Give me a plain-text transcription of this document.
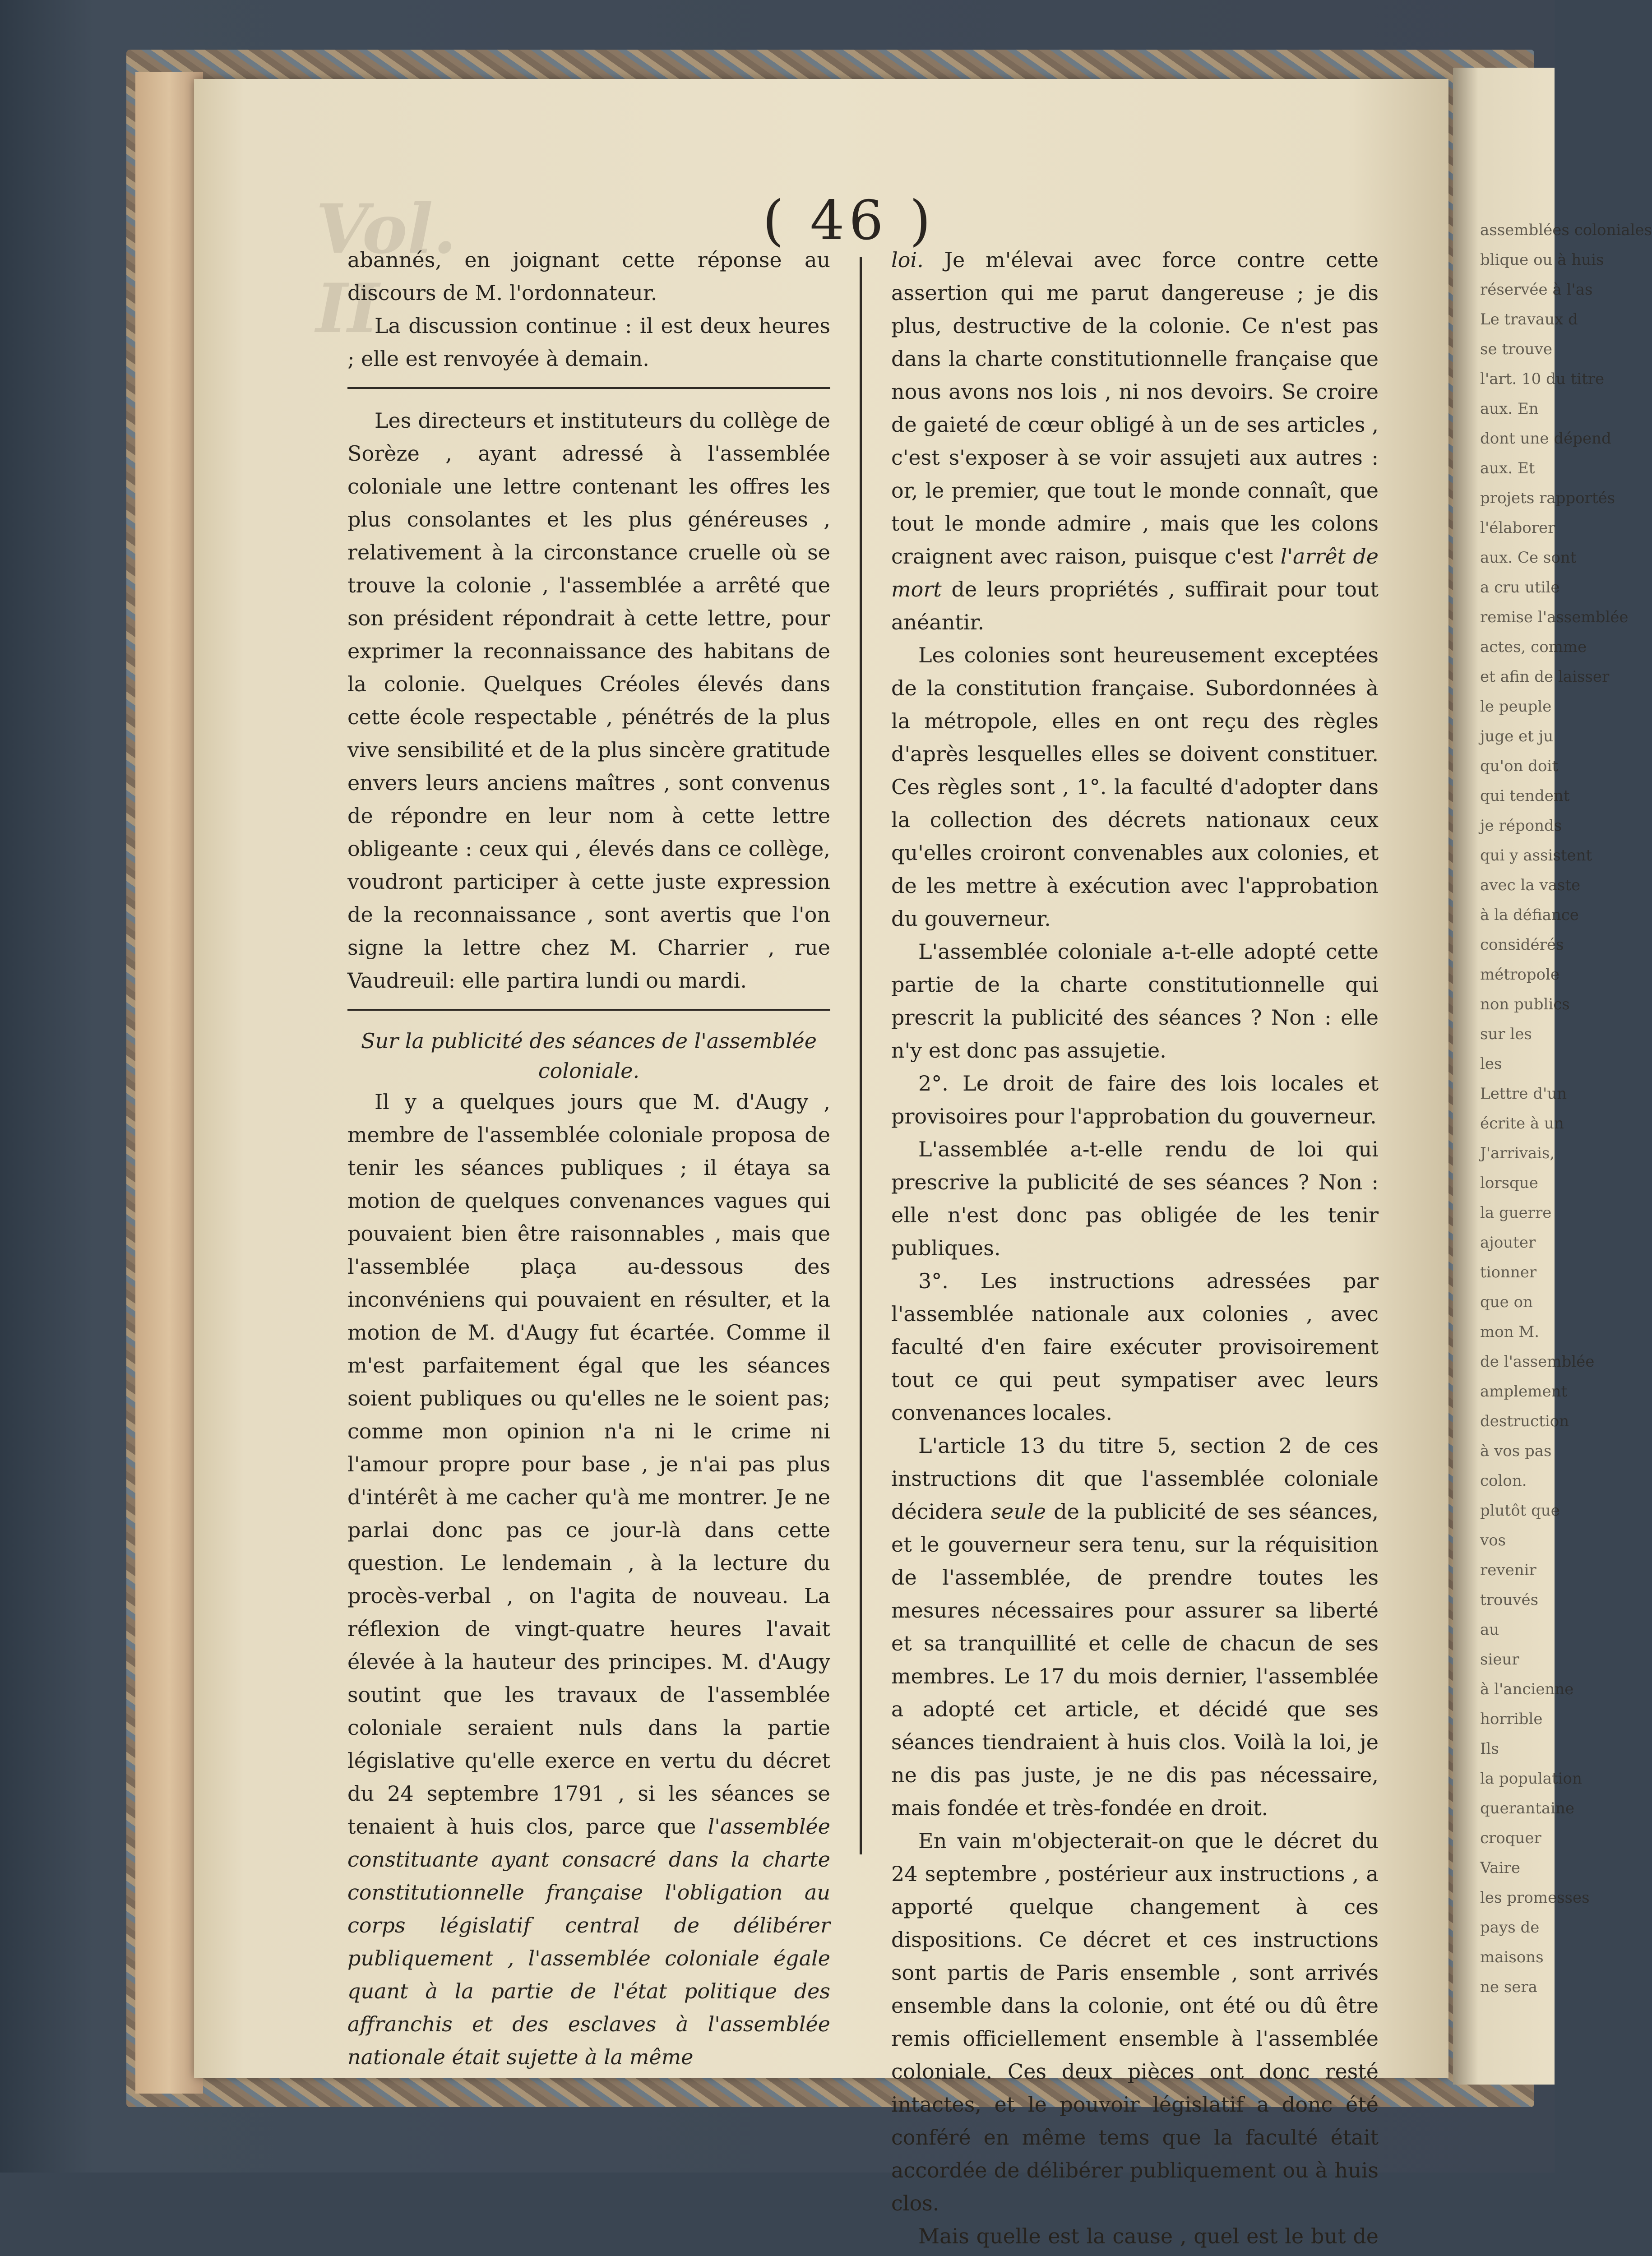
assemblées coloniales
blique ou à huis
réservée à l'as
Le travaux d
se trouve
l'art. 10 du titre
aux. En
dont une dépend
aux. Et
projets rapportés
l'élaborer
aux. Ce sont
a cru utile
remise l'assemblée
actes, comme
et afin de laisser
le peuple
juge et ju
qu'on doit
qui tendent
je réponds
qui y assistent
avec la vaste
à la défiance
considérés
métropole
non publics
sur les
les
Lettre d'un
écrite à un
J'arrivais,
lorsque
la guerre
ajouter
tionner
que on
mon M.
de l'assemblée
amplement
destruction
à vos pas
colon.
plutôt que
vos
revenir
trouvés
au
sieur
à l'ancienne
horrible
Ils
la population
querantaine
croquer
Vaire
les promesses
pays de
maisons
ne sera
Vol. II
( 46 )

abannés, en joignant cette réponse au discours de M. l'ordonnateur.

La discussion continue : il est deux heures ; elle est renvoyée à demain.

Les directeurs et instituteurs du collège de Sorèze , ayant adressé à l'assemblée coloniale une lettre contenant les offres les plus consolantes et les plus généreuses , relativement à la circonstance cruelle où se trouve la colonie , l'assemblée a arrêté que son président répondrait à cette lettre, pour exprimer la reconnaissance des habitans de la colonie. Quelques Créoles élevés dans cette école respectable , pénétrés de la plus vive sensibilité et de la plus sincère gratitude envers leurs anciens maîtres , sont convenus de répondre en leur nom à cette lettre obligeante : ceux qui , élevés dans ce collège, voudront participer à cette juste expression de la reconnaissance , sont avertis que l'on signe la lettre chez M. Charrier , rue Vaudreuil: elle partira lundi ou mardi.

Sur la publicité des séances de l'assemblée coloniale.

Il y a quelques jours que M. d'Augy , membre de l'assemblée coloniale proposa de tenir les séances publiques ; il étaya sa motion de quelques convenances vagues qui pouvaient bien être raisonnables , mais que l'assemblée plaça au-dessous des inconvéniens qui pouvaient en résulter, et la motion de M. d'Augy fut écartée. Comme il m'est parfaitement égal que les séances soient publiques ou qu'elles ne le soient pas; comme mon opinion n'a ni le crime ni l'amour propre pour base , je n'ai pas plus d'intérêt à me cacher qu'à me montrer. Je ne parlai donc pas ce jour-là dans cette question. Le lendemain , à la lecture du procès-verbal , on l'agita de nouveau. La réflexion de vingt-quatre heures l'avait élevée à la hauteur des principes. M. d'Augy soutint que les travaux de l'assemblée coloniale seraient nuls dans la partie législative qu'elle exerce en vertu du décret du 24 septembre 1791 , si les séances se tenaient à huis clos, parce que l'assemblée constituante ayant consacré dans la charte constitutionnelle française l'obligation au corps législatif central de délibérer publiquement , l'assemblée coloniale égale quant à la partie de l'état politique des affranchis et des esclaves à l'assemblée nationale était sujette à la même

loi. Je m'élevai avec force contre cette assertion qui me parut dangereuse ; je dis plus, destructive de la colonie. Ce n'est pas dans la charte constitutionnelle française que nous avons nos lois , ni nos devoirs. Se croire de gaieté de cœur obligé à un de ses articles , c'est s'exposer à se voir assujeti aux autres : or, le premier, que tout le monde connaît, que tout le monde admire , mais que les colons craignent avec raison, puisque c'est l'arrêt de mort de leurs propriétés , suffirait pour tout anéantir.

Les colonies sont heureusement exceptées de la constitution française. Subordonnées à la métropole, elles en ont reçu des règles d'après lesquelles elles se doivent constituer. Ces règles sont , 1°. la faculté d'adopter dans la collection des décrets nationaux ceux qu'elles croiront convenables aux colonies, et de les mettre à exécution avec l'approbation du gouverneur.

L'assemblée coloniale a-t-elle adopté cette partie de la charte constitutionnelle qui prescrit la publicité des séances ? Non : elle n'y est donc pas assujetie.

2°. Le droit de faire des lois locales et provisoires pour l'approbation du gouverneur.

L'assemblée a-t-elle rendu de loi qui prescrive la publicité de ses séances ? Non : elle n'est donc pas obligée de les tenir publiques.

3°. Les instructions adressées par l'assemblée nationale aux colonies , avec faculté d'en faire exécuter provisoirement tout ce qui peut sympatiser avec leurs convenances locales.

L'article 13 du titre 5, section 2 de ces instructions dit que l'assemblée coloniale décidera seule de la publicité de ses séances, et le gouverneur sera tenu, sur la réquisition de l'assemblée, de prendre toutes les mesures nécessaires pour assurer sa liberté et sa tranquillité et celle de chacun de ses membres. Le 17 du mois dernier, l'assemblée a adopté cet article, et décidé que ses séances tiendraient à huis clos. Voilà la loi, je ne dis pas juste, je ne dis pas nécessaire, mais fondée et très-fondée en droit.

En vain m'objecterait-on que le décret du 24 septembre , postérieur aux instructions , a apporté quelque changement à ces dispositions. Ce décret et ces instructions sont partis de Paris ensemble , sont arrivés ensemble dans la colonie, ont été ou dû être remis officiellement ensemble à l'assemblée coloniale. Ces deux pièces ont donc resté intactes, et le pouvoir législatif a donc été conféré en même tems que la faculté était accordée de délibérer publiquement ou à huis clos.

Mais quelle est la cause , quel est le but de
